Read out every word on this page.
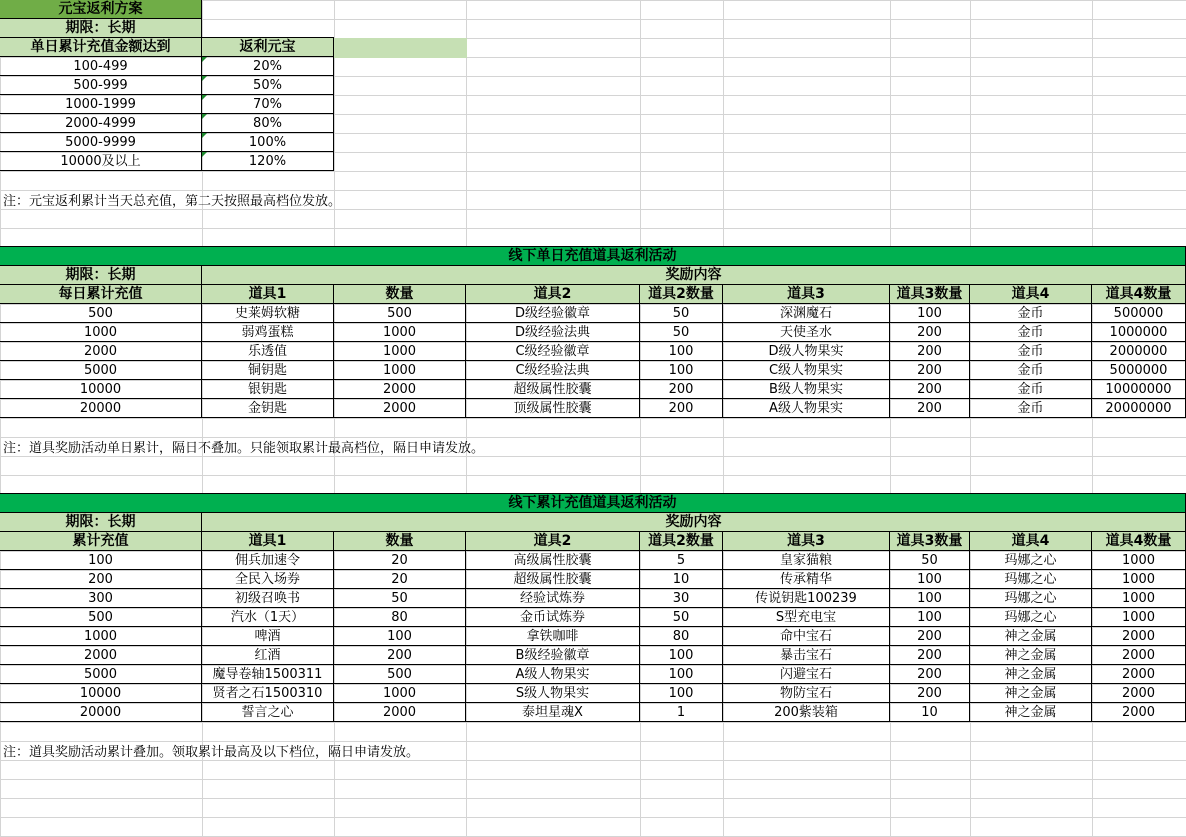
元宝返利方案
期限：长期
单日累计充值金额达到	返利元宝
100-499	20%
500-999	50%
1000-1999	70%
2000-4999	80%
5000-9999	100%
10000及以上	120%
注：元宝返利累计当天总充值，第二天按照最高档位发放。
线下单日充值道具返利活动
期限：长期	奖励内容
每日累计充值	道具1	数量	道具2	道具2数量	道具3	道具3数量	道具4	道具4数量
500	史莱姆软糖	500	D级经验徽章	50	深渊魔石	100	金币	500000
1000	弱鸡蛋糕	1000	D级经验法典	50	天使圣水	200	金币	1000000
2000	乐透值	1000	C级经验徽章	100	D级人物果实	200	金币	2000000
5000	铜钥匙	1000	C级经验法典	100	C级人物果实	200	金币	5000000
10000	银钥匙	2000	超级属性胶囊	200	B级人物果实	200	金币	10000000
20000	金钥匙	2000	顶级属性胶囊	200	A级人物果实	200	金币	20000000
注：道具奖励活动单日累计，隔日不叠加。只能领取累计最高档位，隔日申请发放。
线下累计充值道具返利活动
期限：长期	奖励内容
累计充值	道具1	数量	道具2	道具2数量	道具3	道具3数量	道具4	道具4数量
100	佣兵加速令	20	高级属性胶囊	5	皇家猫粮	50	玛娜之心	1000
200	全民入场券	20	超级属性胶囊	10	传承精华	100	玛娜之心	1000
300	初级召唤书	50	经验试炼券	30	传说钥匙100239	100	玛娜之心	1000
500	汽水（1天）	80	金币试炼券	50	S型充电宝	100	玛娜之心	1000
1000	啤酒	100	拿铁咖啡	80	命中宝石	200	神之金属	2000
2000	红酒	200	B级经验徽章	100	暴击宝石	200	神之金属	2000
5000	魔导卷轴1500311	500	A级人物果实	100	闪避宝石	200	神之金属	2000
10000	贤者之石1500310	1000	S级人物果实	100	物防宝石	200	神之金属	2000
20000	誓言之心	2000	泰坦星魂X	1	200紫装箱	10	神之金属	2000
注：道具奖励活动累计叠加。领取累计最高及以下档位，隔日申请发放。
